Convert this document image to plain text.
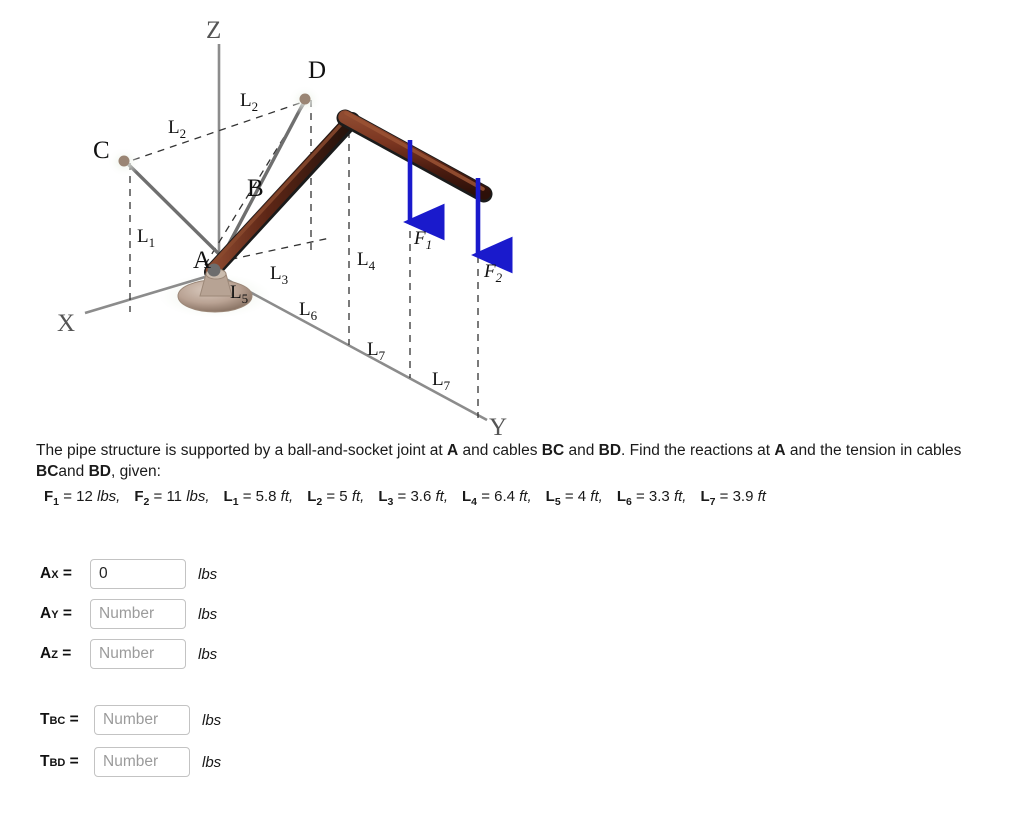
Z
X
Y
A
B
C
D
$L_2$
$L_2$
$L_1$
$L_3$
$L_4$
$L_5$
$L_6$
$L_7$
$L_7$
$F_1$
$F_2$
The pipe structure is supported by a ball-and-socket joint at A and cables BC and BD. Find the reactions at A and the tension in cables BCand BD, given:
$F_1 = 12$ lbs, $F_2 = 11$ lbs, $L_1 = 5.8$ ft, $L_2 = 5$ ft, $L_3 = 3.6$ ft, $L_4 = 6.4$ ft, $L_5 = 4$ ft, $L_6 = 3.3$ ft, $L_7 = 3.9$ ft
AX =
0	lbs
AY =
Number	lbs
AZ =
Number	lbs
TBC =
Number	lbs
TBD =
Number	lbs
